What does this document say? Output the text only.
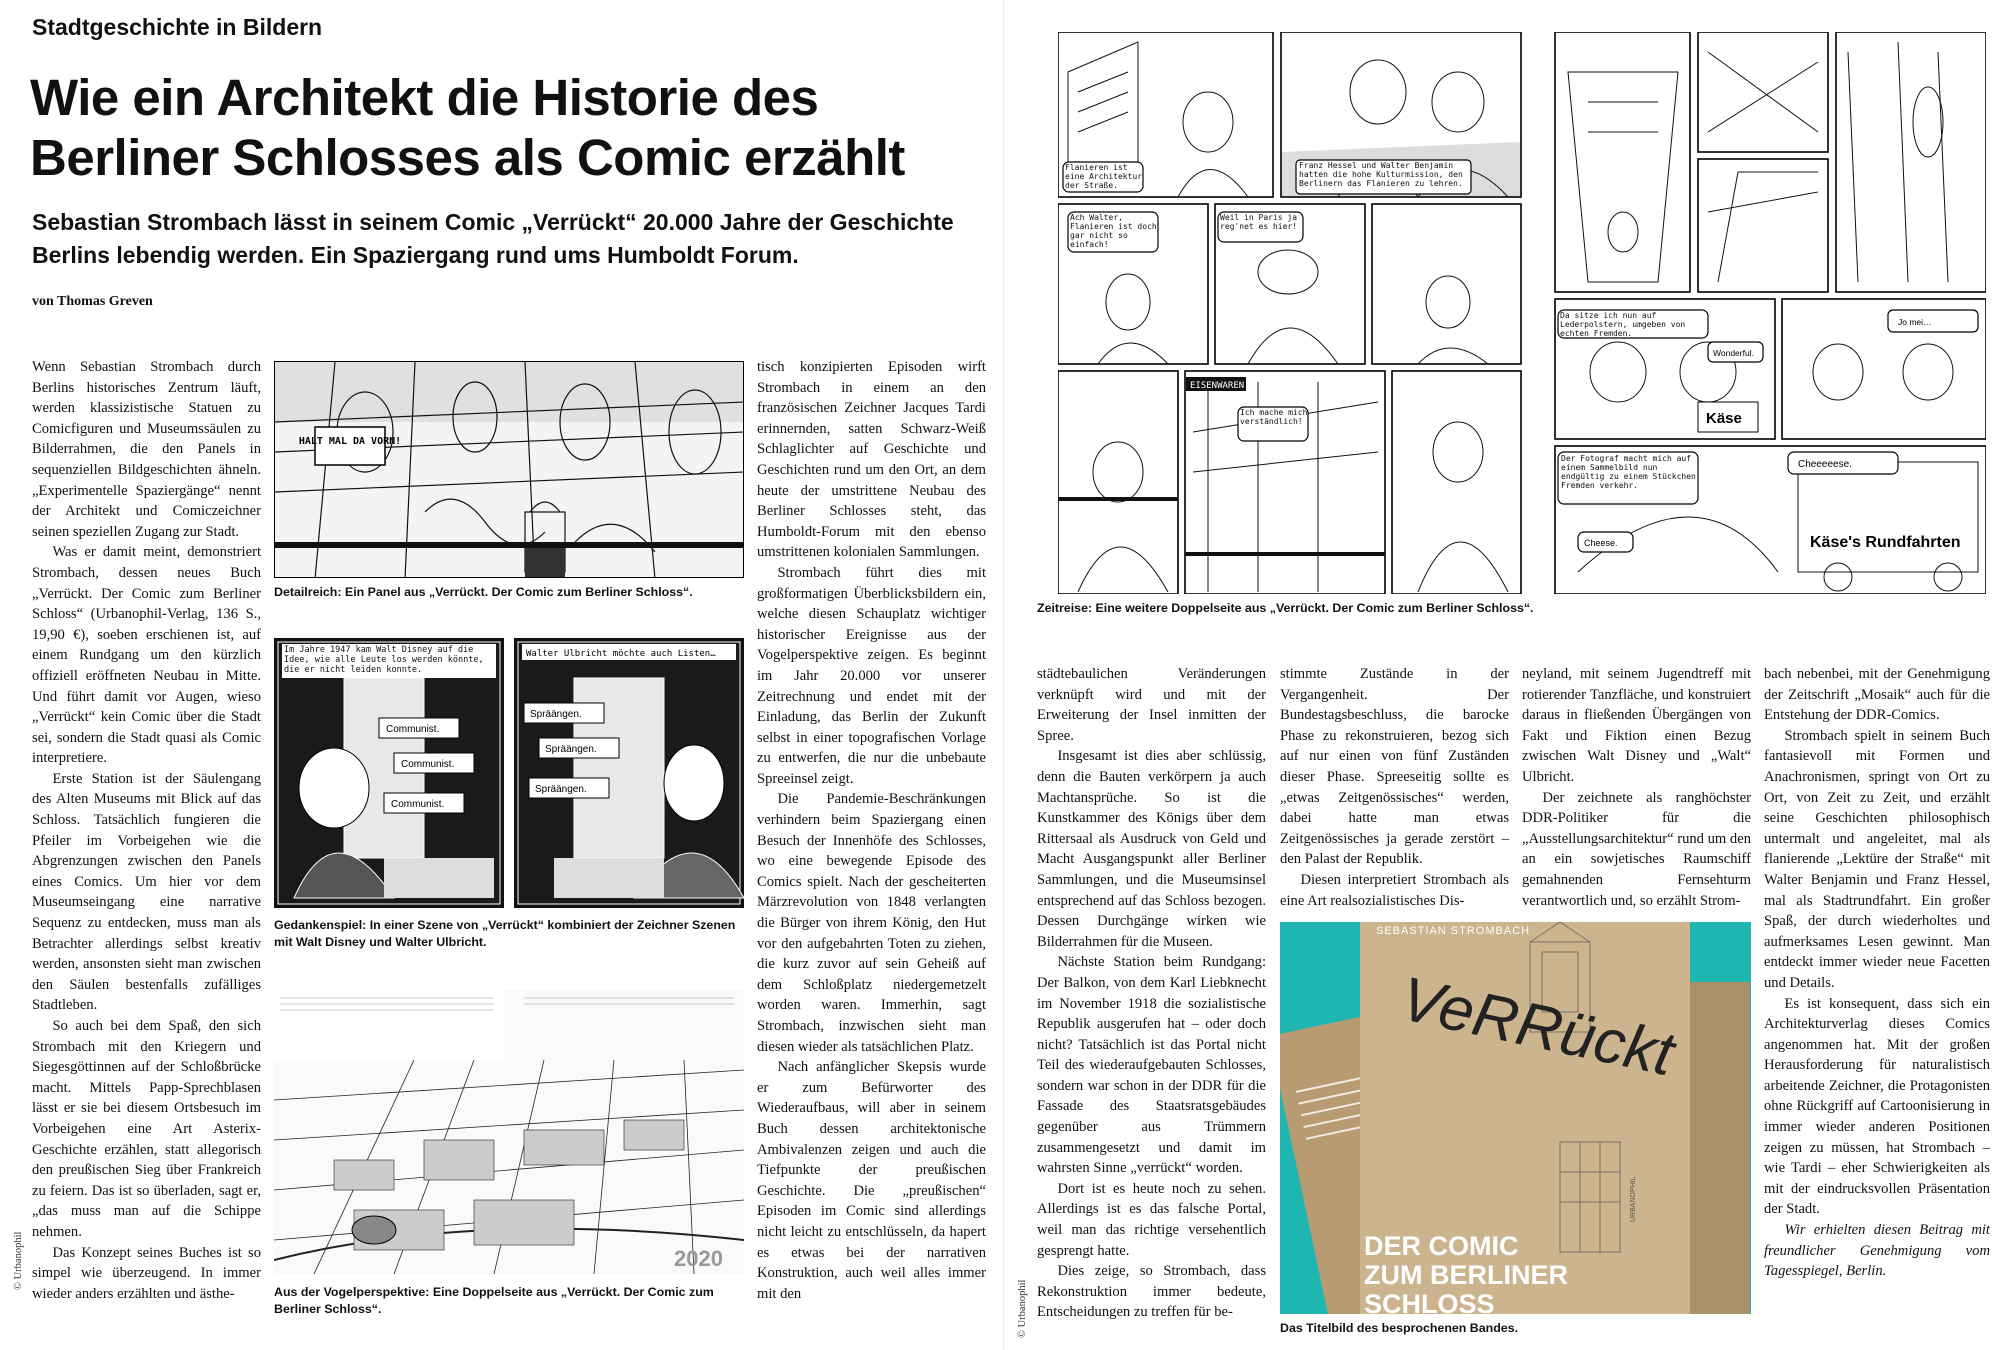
Stadtgeschichte in Bildern
Wie ein Architekt die Historie des Berliner Schlosses als Comic erzählt
Sebastian Strombach lässt in seinem Comic „Verrückt“ 20.000 Jahre der Geschichte Berlins lebendig werden. Ein Spaziergang rund ums Humboldt Forum.
von Thomas Greven

Wenn Sebastian Strombach durch Berlins historisches Zentrum läuft, werden klassizistische Statuen zu Comicfiguren und Museumssäulen zu Bilderrahmen, die den Panels in sequenziellen Bildgeschichten ähneln. „Experimentelle Spaziergänge“ nennt der Architekt und Comiczeichner seinen speziellen Zugang zur Stadt.

Was er damit meint, demonstriert Strombach, dessen neues Buch „Verrückt. Der Comic zum Berliner Schloss“ (Urbanophil-Verlag, 136 S., 19,90 €), soeben erschienen ist, auf einem Rundgang um den kürzlich offiziell eröffneten Neubau in Mitte. Und führt damit vor Augen, wieso „Verrückt“ kein Comic über die Stadt sei, sondern die Stadt quasi als Comic interpretiere.

Erste Station ist der Säulengang des Alten Museums mit Blick auf das Schloss. Tatsächlich fungieren die Pfeiler im Vorbeigehen wie die Abgrenzungen zwischen den Panels eines Comics. Um hier vor dem Museumseingang eine narrative Sequenz zu entdecken, muss man als Betrachter allerdings selbst kreativ werden, ansonsten sieht man zwischen den Säulen bestenfalls zufälliges Stadtleben.

So auch bei dem Spaß, den sich Strombach mit den Kriegern und Siegesgöttinnen auf der Schloßbrücke macht. Mittels Papp-Sprechblasen lässt er sie bei diesem Ortsbesuch im Vorbeigehen eine Art Asterix-Geschichte erzählen, statt allegorisch den preußischen Sieg über Frankreich zu feiern. Das ist so überladen, sagt er, „das muss man auf die Schippe nehmen.

Das Konzept seines Buches ist so simpel wie überzeugend. In immer wieder anders erzählten und ästhe-

HALT MAL DA VORN!
Detailreich: Ein Panel aus „Verrückt. Der Comic zum Berliner Schloss“.
Im Jahre 1947 kam Walt Disney auf die Idee, wie alle Leute los werden könnte, die er nicht leiden konnte.
Walter Ulbricht möchte auch Listen…
Communist.
Communist.
Communist.
Spräängen.
Spräängen.
Spräängen.
Gedankenspiel: In einer Szene von „Verrückt“ kombiniert der Zeichner Szenen mit Walt Disney und Walter Ulbricht.
2020
Aus der Vogelperspektive: Eine Doppelseite aus „Verrückt. Der Comic zum Berliner Schloss“.
© Urbanophil

tisch konzipierten Episoden wirft Strombach in einem an den französischen Zeichner Jacques Tardi erinnernden, satten Schwarz-Weiß Schlaglichter auf Geschichte und Geschichten rund um den Ort, an dem heute der umstrittene Neubau des Berliner Schlosses steht, das Humboldt-Forum mit den ebenso umstrittenen kolonialen Sammlungen.

Strombach führt dies mit großformatigen Überblicksbildern ein, welche diesen Schauplatz wichtiger historischer Ereignisse aus der Vogelperspektive zeigen. Es beginnt im Jahr 20.000 vor unserer Zeitrechnung und endet mit der Einladung, das Berlin der Zukunft selbst in einer topografischen Vorlage zu entwerfen, die nur die unbebaute Spreeinsel zeigt.

Die Pandemie-Beschränkungen verhindern beim Spaziergang einen Besuch der Innenhöfe des Schlosses, wo eine bewegende Episode des Comics spielt. Nach der gescheiterten Märzrevolution von 1848 verlangten die Bürger von ihrem König, den Hut vor den aufgebahrten Toten zu ziehen, die kurz zuvor auf sein Geheiß auf dem Schloßplatz niedergemetzelt worden waren. Immerhin, sagt Strombach, inzwischen sieht man diesen wieder als tatsächlichen Platz.

Nach anfänglicher Skepsis wurde er zum Befürworter des Wiederaufbaus, will aber in seinem Buch dessen architektonische Ambivalenzen zeigen und auch die Tiefpunkte der preußischen Geschichte. Die „preußischen“ Episoden im Comic sind allerdings nicht leicht zu entschlüsseln, da hapert es etwas bei der narrativen Konstruktion, auch weil alles immer mit den

Flanieren ist eine Architektur der Straße.
Franz Hessel und Walter Benjamin hatten die hohe Kulturmission, den Berlinern das Flanieren zu lehren.
Ach Walter, Flanieren ist doch gar nicht so einfach!
Weil in Paris ja reg'net es hier!
Ich mache mich verständlich!
Da sitze ich nun auf Lederpolstern, umgeben von echten Fremden.
Wonderful.
Jo mei…
Der Fotograf macht mich auf einem Sammelbild nun endgültig zu einem Stückchen Fremden verkehr.
Cheeeeese.
Cheese.
EISENWAREN
Käse
Käse's Rundfahrten
Zeitreise: Eine weitere Doppelseite aus „Verrückt. Der Comic zum Berliner Schloss“.

städtebaulichen Veränderungen verknüpft wird und mit der Erweiterung der Insel inmitten der Spree.

Insgesamt ist dies aber schlüssig, denn die Bauten verkörpern ja auch Machtansprüche. So ist die Kunstkammer des Königs über dem Rittersaal als Ausdruck von Geld und Macht Ausgangspunkt aller Berliner Sammlungen, und die Museumsinsel entsprechend auf das Schloss bezogen. Dessen Durchgänge wirken wie Bilderrahmen für die Museen.

Nächste Station beim Rundgang: Der Balkon, von dem Karl Liebknecht im November 1918 die sozialistische Republik ausgerufen hat – oder doch nicht? Tatsächlich ist das Portal nicht Teil des wiederaufgebauten Schlosses, sondern war schon in der DDR für die Fassade des Staatsratsgebäudes gegenüber aus Trümmern zusammengesetzt und damit im wahrsten Sinne „verrückt“ worden.

Dort ist es heute noch zu sehen. Allerdings ist es das falsche Portal, weil man das richtige versehentlich gesprengt hatte.

Dies zeige, so Strombach, dass Rekonstruktion immer bedeute, Entscheidungen zu treffen für be-

stimmte Zustände in der Vergangenheit. Der Bundestagsbeschluss, die barocke Phase zu rekonstruieren, bezog sich auf nur einen von fünf Zuständen dieser Phase. Spreeseitig sollte es „etwas Zeitgenössisches“ werden, dabei hatte man etwas Zeitgenössisches ja gerade zerstört – den Palast der Republik.

Diesen interpretiert Strombach als eine Art realsozialistisches Dis-

neyland, mit seinem Jugendtreff mit rotierender Tanzfläche, und konstruiert daraus in fließenden Übergängen von Fakt und Fiktion einen Bezug zwischen Walt Disney und „Walt“ Ulbricht.

Der zeichnete als ranghöchster DDR-Politiker für die „Ausstellungsarchitektur“ rund um den an ein sowjetisches Raumschiff gemahnenden Fernsehturm verantwortlich und, so erzählt Strom-

bach nebenbei, mit der Genehmigung der Zeitschrift „Mosaik“ auch für die Entstehung der DDR-Comics.

Strombach spielt in seinem Buch fantasievoll mit Formen und Anachronismen, springt von Ort zu Ort, von Zeit zu Zeit, und erzählt seine Geschichten philosophisch untermalt und angeleitet, mal als flanierende „Lektüre der Straße“ mit Walter Benjamin und Franz Hessel, mal als Stadtrundfahrt. Ein großer Spaß, der durch wiederholtes und aufmerksames Lesen gewinnt. Man entdeckt immer wieder neue Facetten und Details.

Es ist konsequent, dass sich ein Architekturverlag dieses Comics angenommen hat. Mit der großen Herausforderung für naturalistisch arbeitende Zeichner, die Protagonisten ohne Rückgriff auf Cartoonisierung in immer wieder anderen Positionen zeigen zu müssen, hat Strombach – wie Tardi – eher Schwierigkeiten als mit der eindrucksvollen Präsentation der Stadt.

Wir erhielten diesen Beitrag mit freundlicher Genehmigung vom Tagesspiegel, Berlin.

SEBASTIAN STROMBACH
VeRRückt
DER COMIC
ZUM BERLINER
SCHLOSS
URBANOPHIL
Das Titelbild des besprochenen Bandes.
© Urbanophil
